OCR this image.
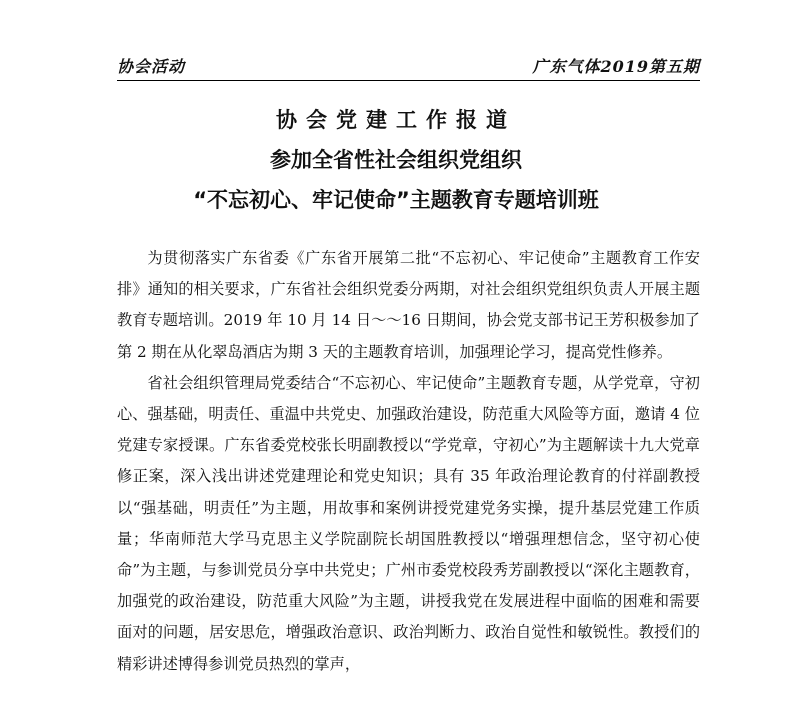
协会活动	广东气体2019第五期
协会党建工作报道
参加全省性社会组织党组织
“不忘初心、牢记使命”主题教育专题培训班

为贯彻落实广东省委《广东省开展第二批“不忘初心、牢记使命”主题教育工作安排》通知的相关要求，广东省社会组织党委分两期，对社会组织党组织负责人开展主题教育专题培训。2019 年 10 月 14 日～～16 日期间，协会党支部书记王芳积极参加了第 2 期在从化翠岛酒店为期 3 天的主题教育培训，加强理论学习，提高党性修养。

省社会组织管理局党委结合“不忘初心、牢记使命”主题教育专题，从学党章，守初心、强基础，明责任、重温中共党史、加强政治建设，防范重大风险等方面，邀请 4 位党建专家授课。广东省委党校张长明副教授以“学党章，守初心”为主题解读十九大党章修正案，深入浅出讲述党建理论和党史知识；具有 35 年政治理论教育的付祥副教授以“强基础，明责任”为主题，用故事和案例讲授党建党务实操，提升基层党建工作质量；华南师范大学马克思主义学院副院长胡国胜教授以“增强理想信念，坚守初心使命”为主题，与参训党员分享中共党史；广州市委党校段秀芳副教授以“深化主题教育，加强党的政治建设，防范重大风险”为主题，讲授我党在发展进程中面临的困难和需要面对的问题，居安思危，增强政治意识、政治判断力、政治自觉性和敏锐性。教授们的精彩讲述博得参训党员热烈的掌声，
